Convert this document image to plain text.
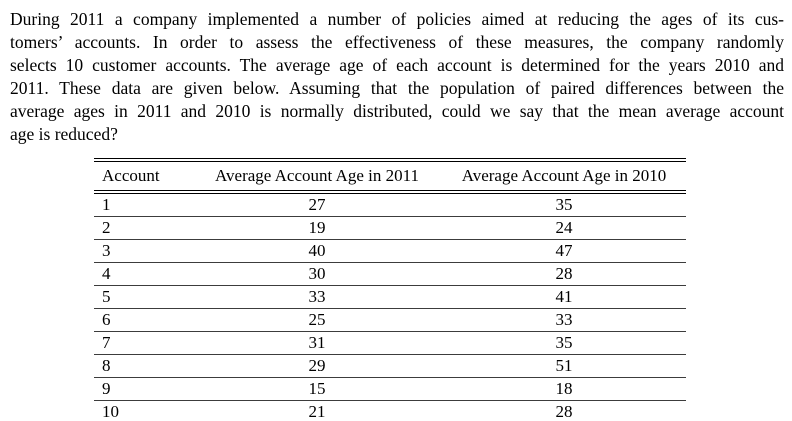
During 2011 a company implemented a number of policies aimed at reducing the ages of its cus-
tomers’ accounts. In order to assess the effectiveness of these measures, the company randomly
selects 10 customer accounts. The average age of each account is determined for the years 2010 and
2011. These data are given below. Assuming that the population of paired differences between the
average ages in 2011 and 2010 is normally distributed, could we say that the mean average account
age is reduced?
Account	Average Account Age in 2011	Average Account Age in 2010
1	27	35
2	19	24
3	40	47
4	30	28
5	33	41
6	25	33
7	31	35
8	29	51
9	15	18
10	21	28
